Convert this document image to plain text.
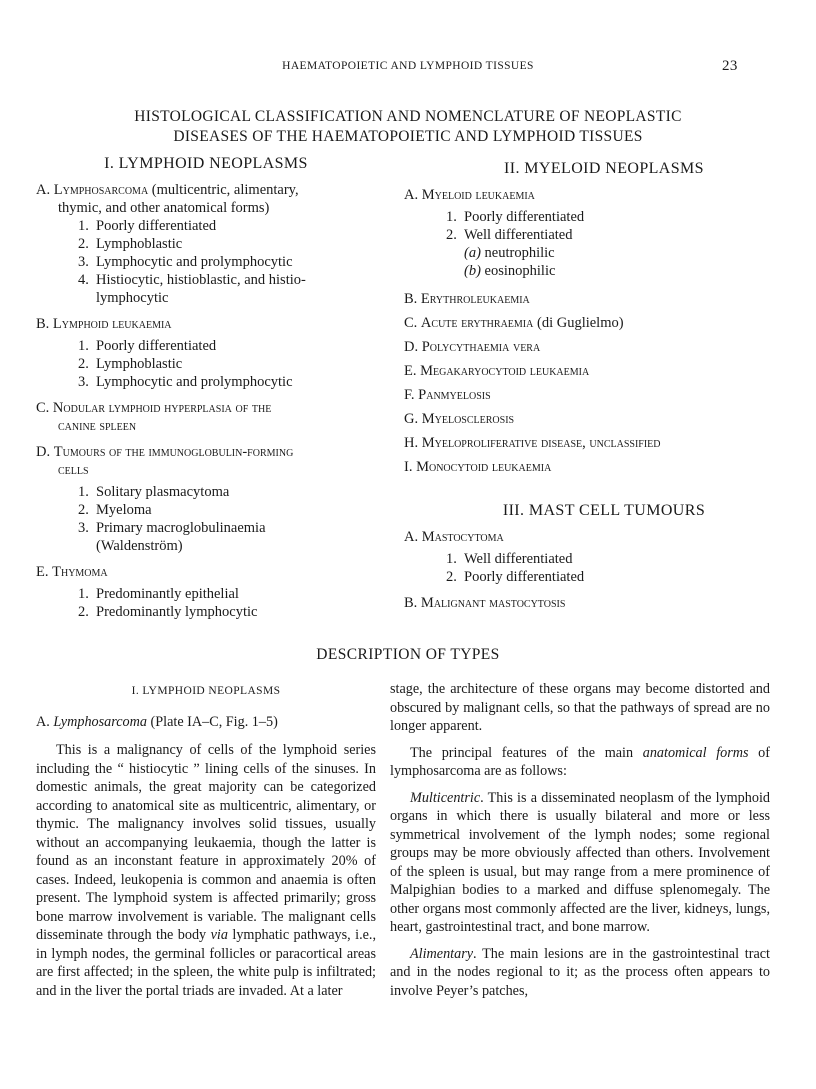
HAEMATOPOIETIC AND LYMPHOID TISSUES	23
HISTOLOGICAL CLASSIFICATION AND NOMENCLATURE OF NEOPLASTIC
DISEASES OF THE HAEMATOPOIETIC AND LYMPHOID TISSUES
I. LYMPHOID NEOPLASMS
A. Lymphosarcoma (multicentric, alimentary,
thymic, and other anatomical forms)
1. Poorly differentiated
2. Lymphoblastic
3. Lymphocytic and prolymphocytic
4. Histiocytic, histioblastic, and histio-
lymphocytic
B. Lymphoid leukaemia
1. Poorly differentiated
2. Lymphoblastic
3. Lymphocytic and prolymphocytic
C. Nodular lymphoid hyperplasia of the
canine spleen
D. Tumours of the immunoglobulin-forming
cells
1. Solitary plasmacytoma
2. Myeloma
3. Primary macroglobulinaemia
(Waldenström)
E. Thymoma
1. Predominantly epithelial
2. Predominantly lymphocytic
II. MYELOID NEOPLASMS
A. Myeloid leukaemia
1. Poorly differentiated
2. Well differentiated
(a) neutrophilic
(b) eosinophilic
B. Erythroleukaemia
C. Acute erythraemia (di Guglielmo)
D. Polycythaemia vera
E. Megakaryocytoid leukaemia
F. Panmyelosis
G. Myelosclerosis
H. Myeloproliferative disease, unclassified
I. Monocytoid leukaemia
III. MAST CELL TUMOURS
A. Mastocytoma
1. Well differentiated
2. Poorly differentiated
B. Malignant mastocytosis
DESCRIPTION OF TYPES
I. LYMPHOID NEOPLASMS
A. Lymphosarcoma (Plate IA–C, Fig. 1–5)

This is a malignancy of cells of the lymphoid series including the “ histiocytic ” lining cells of the sinuses. In domestic animals, the great majority can be categorized according to anatomical site as multicentric, alimentary, or thymic. The malignancy involves solid tissues, usually without an accompanying leukaemia, though the latter is found as an inconstant feature in approximately 20% of cases. Indeed, leukopenia is common and anaemia is often present. The lymphoid system is affected primarily; gross bone marrow involvement is variable. The malignant cells disseminate through the body via lymphatic pathways, i.e., in lymph nodes, the germinal follicles or paracortical areas are first affected; in the spleen, the white pulp is infiltrated; and in the liver the portal triads are invaded. At a later

stage, the architecture of these organs may become distorted and obscured by malignant cells, so that the pathways of spread are no longer apparent.

The principal features of the main anatomical forms of lymphosarcoma are as follows:

Multicentric. This is a disseminated neoplasm of the lymphoid organs in which there is usually bilateral and more or less symmetrical involvement of the lymph nodes; some regional groups may be more obviously affected than others. Involvement of the spleen is usual, but may range from a mere prominence of Malpighian bodies to a marked and diffuse splenomegaly. The other organs most commonly affected are the liver, kidneys, lungs, heart, gastrointestinal tract, and bone marrow.

Alimentary. The main lesions are in the gastrointestinal tract and in the nodes regional to it; as the process often appears to involve Peyer’s patches,
